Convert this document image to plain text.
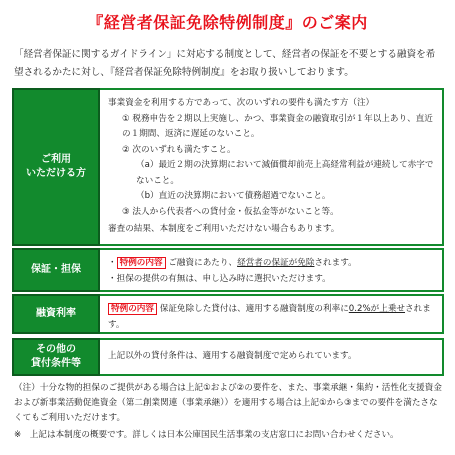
『経営者保証免除特例制度』のご案内
「経営者保証に関するガイドライン」に対応する制度として、経営者の保証を不要とする融資を希望されるかたに対し、『経営者保証免除特例制度』をお取り扱いしております。
ご利用
いただける方
事業資金を利用する方であって、次のいずれの要件も満たす方（注）
① 税務申告を２期以上実施し、かつ、事業資金の融資取引が１年以上あり、直近の１期間、返済に遅延のないこと。
② 次のいずれも満たすこと。
（a）最近２期の決算期において減価償却前売上高経常利益が連続して赤字でないこと。
（b）直近の決算期において債務超過でないこと。
③ 法人から代表者への貸付金・仮払金等がないこと等。
審査の結果、本制度をご利用いただけない場合もあります。
保証・担保
・ 特例の内容 ご融資にあたり、経営者の保証が免除されます。
・担保の提供の有無は、申し込み時に選択いただけます。
融資利率	特例の内容 保証免除した貸付は、適用する融資制度の利率に0.2%が上乗せされます。
その他の
貸付条件等
上記以外の貸付条件は、適用する融資制度で定められています。
（注）十分な物的担保のご提供がある場合は上記①および②の要件を、また、事業承継・集約・活性化支援資金および新事業活動促進資金（第二創業関連（事業承継））を適用する場合は上記①から③までの要件を満たさなくてもご利用いただけます。
※　上記は本制度の概要です。詳しくは日本公庫国民生活事業の支店窓口にお問い合わせください。
